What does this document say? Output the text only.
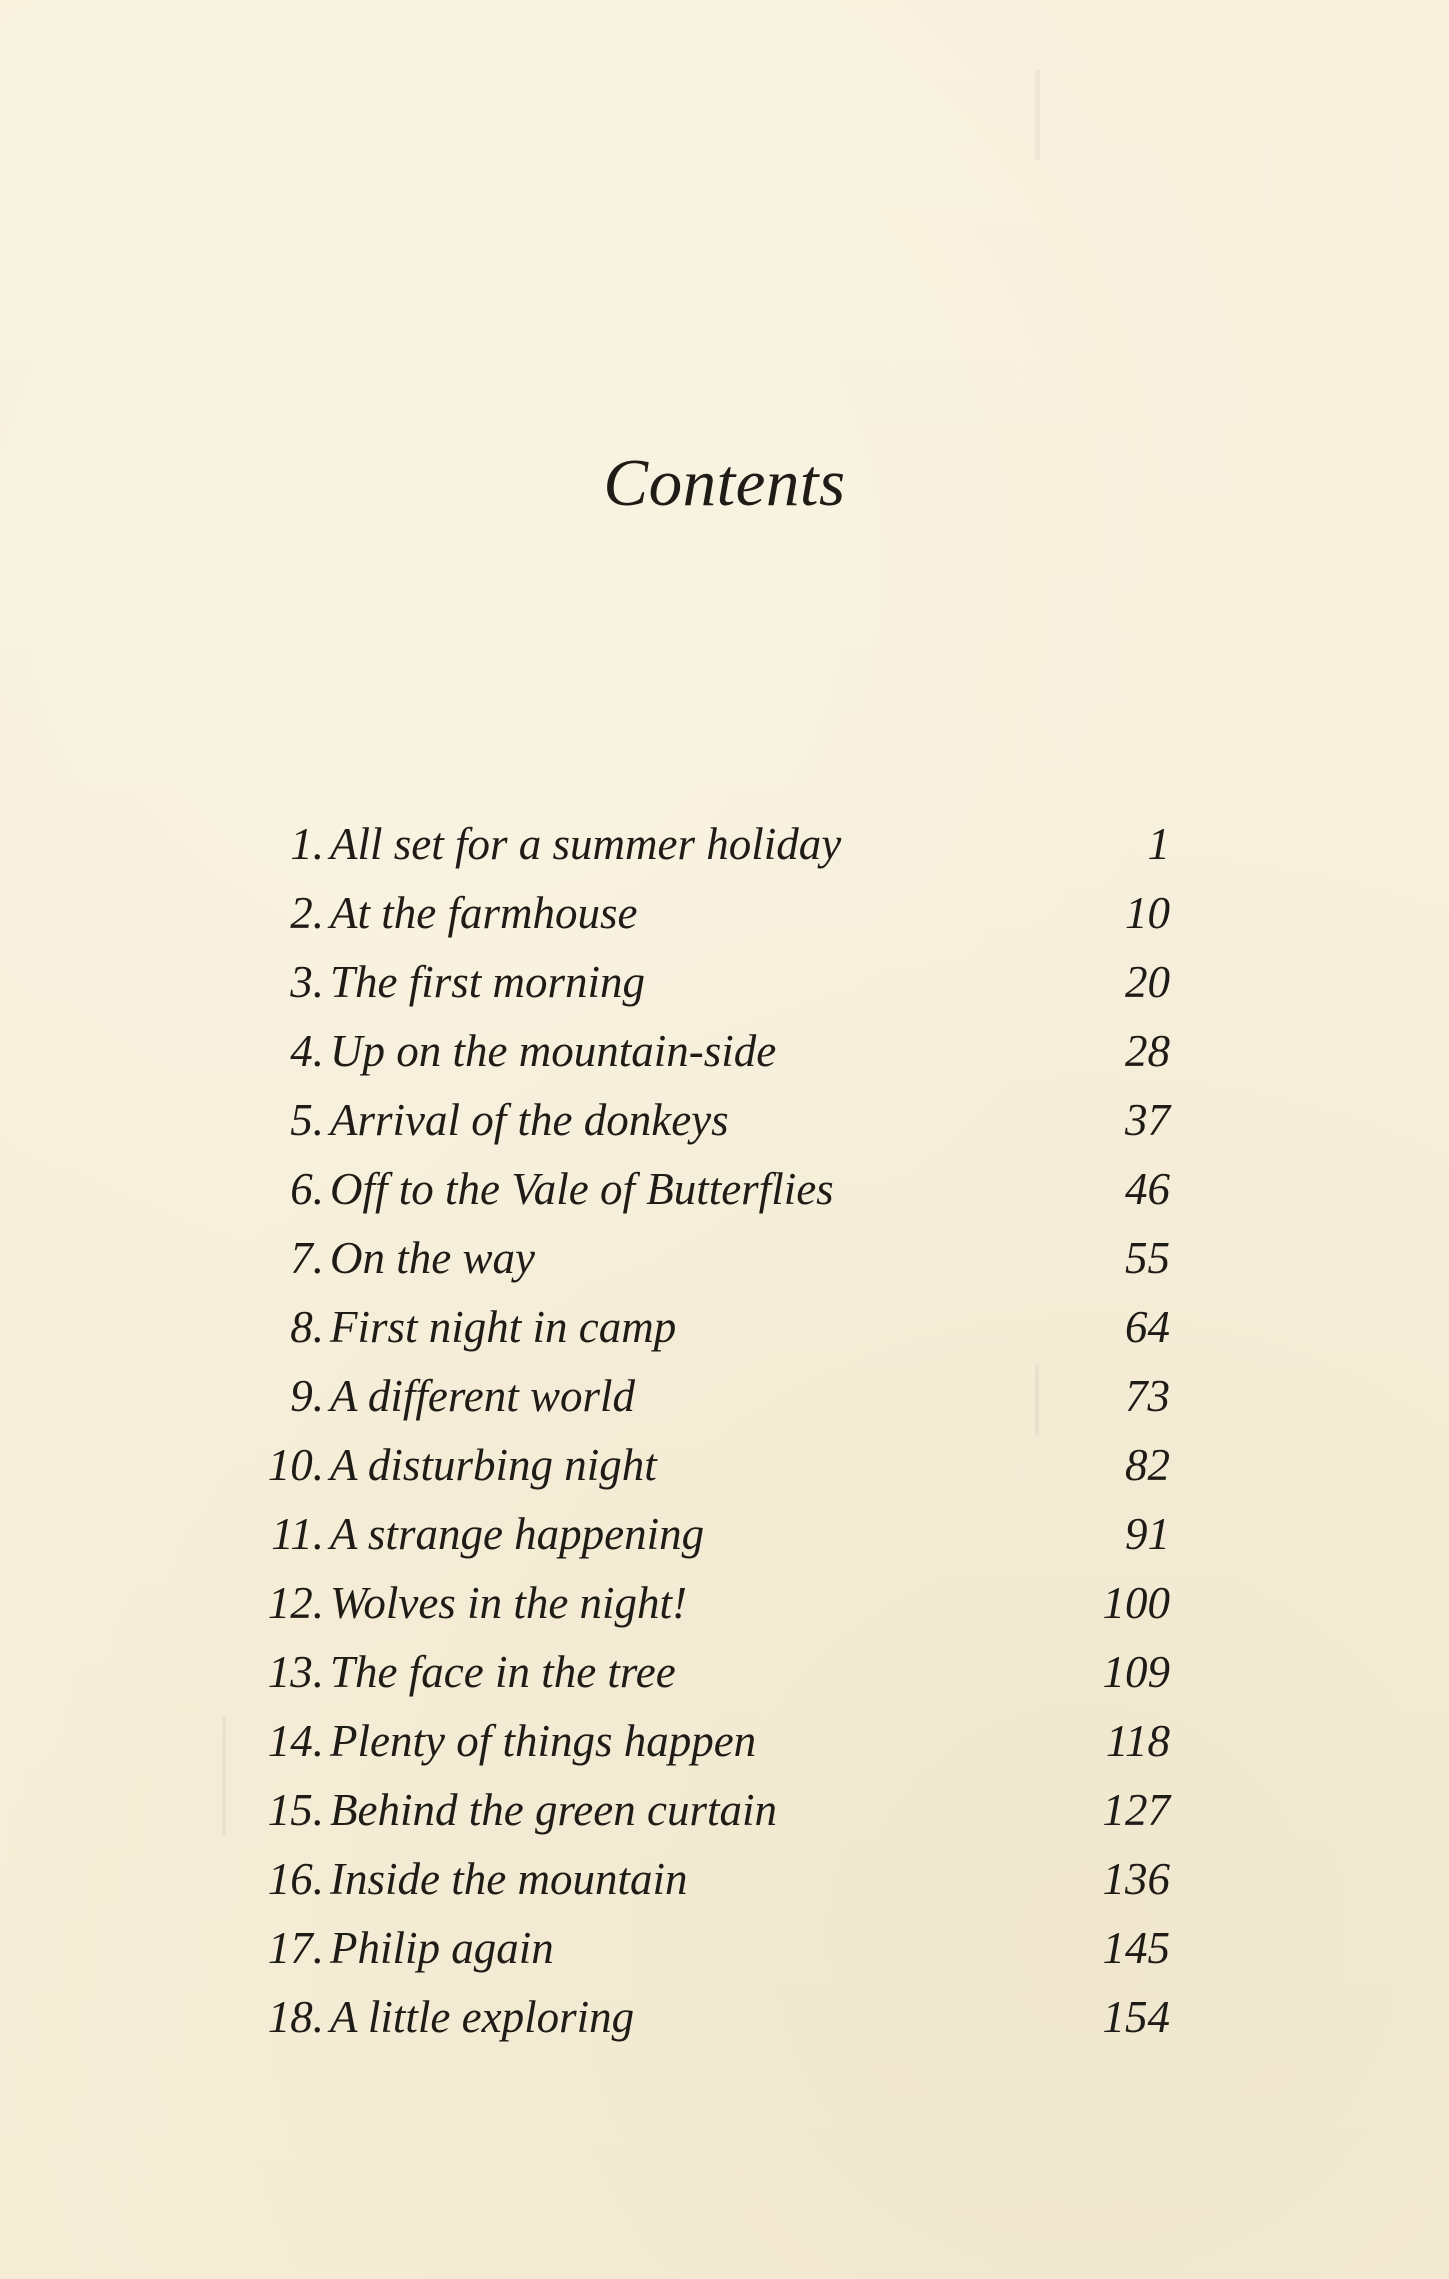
Contents
1. All set for a summer holiday	1
2. At the farmhouse	10
3. The first morning	20
4. Up on the mountain-side	28
5. Arrival of the donkeys	37
6. Off to the Vale of Butterflies	46
7. On the way	55
8. First night in camp	64
9. A different world	73
10. A disturbing night	82
11. A strange happening	91
12. Wolves in the night!	100
13. The face in the tree	109
14. Plenty of things happen	118
15. Behind the green curtain	127
16. Inside the mountain	136
17. Philip again	145
18. A little exploring	154
